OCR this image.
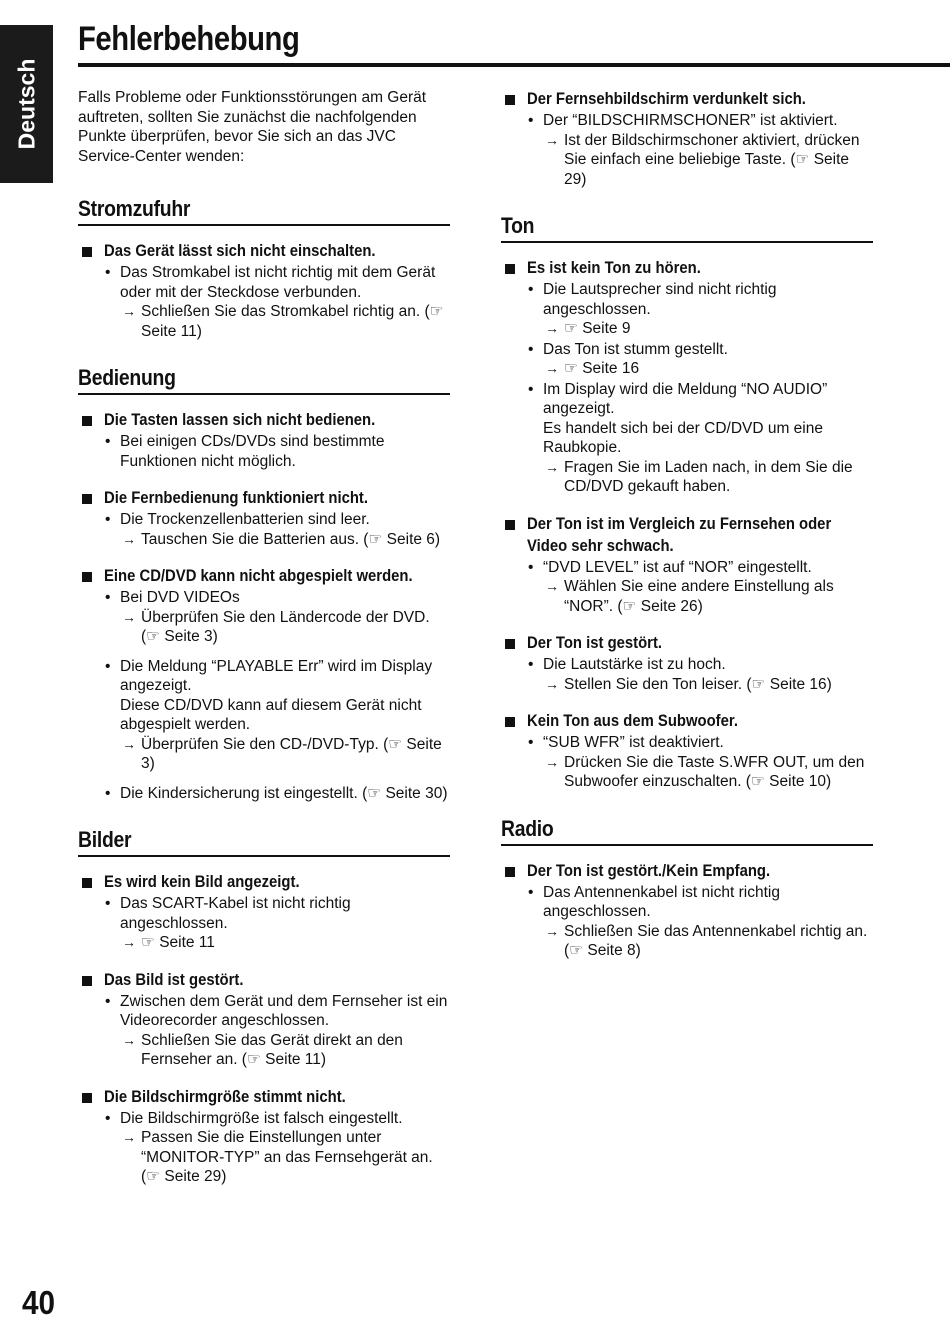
Deutsch
Fehlerbehebung

Falls Probleme oder Funktionsstörungen am Gerät auftreten, sollten Sie zunächst die nachfolgenden Punkte überprüfen, bevor Sie sich an das JVC Service-Center wenden:

Stromzufuhr

Das Gerät lässt sich nicht einschalten.

• Das Stromkabel ist nicht richtig mit dem Gerät oder mit der Steckdose verbunden.
→ Schließen Sie das Stromkabel richtig an. (☞ Seite 11)
Bedienung

Die Tasten lassen sich nicht bedienen.

• Bei einigen CDs/DVDs sind bestimmte Funktionen nicht möglich.

Die Fernbedienung funktioniert nicht.

• Die Trockenzellenbatterien sind leer.
→ Tauschen Sie die Batterien aus. (☞ Seite 6)

Eine CD/DVD kann nicht abgespielt werden.

• Bei DVD VIDEOs
→ Überprüfen Sie den Ländercode der DVD. (☞ Seite 3)
• Die Meldung “PLAYABLE Err” wird im Display angezeigt.
Diese CD/DVD kann auf diesem Gerät nicht abgespielt werden.
→ Überprüfen Sie den CD-/DVD-Typ. (☞ Seite 3)
• Die Kindersicherung ist eingestellt. (☞ Seite 30)
Bilder

Es wird kein Bild angezeigt.

• Das SCART-Kabel ist nicht richtig angeschlossen.
→ ☞ Seite 11

Das Bild ist gestört.

• Zwischen dem Gerät und dem Fernseher ist ein Videorecorder angeschlossen.
→ Schließen Sie das Gerät direkt an den Fernseher an. (☞ Seite 11)

Die Bildschirmgröße stimmt nicht.

• Die Bildschirmgröße ist falsch eingestellt.
→ Passen Sie die Einstellungen unter “MONITOR-TYP” an das Fernsehgerät an. (☞ Seite 29)

Der Fernsehbildschirm verdunkelt sich.

• Der “BILDSCHIRMSCHONER” ist aktiviert.
→ Ist der Bildschirmschoner aktiviert, drücken Sie einfach eine beliebige Taste. (☞ Seite 29)
Ton

Es ist kein Ton zu hören.

• Die Lautsprecher sind nicht richtig angeschlossen.
→ ☞ Seite 9
• Das Ton ist stumm gestellt.
→ ☞ Seite 16
• Im Display wird die Meldung “NO AUDIO” angezeigt.
Es handelt sich bei der CD/DVD um eine Raubkopie.
→ Fragen Sie im Laden nach, in dem Sie die CD/DVD gekauft haben.

Der Ton ist im Vergleich zu Fernsehen oder Video sehr schwach.

• “DVD LEVEL” ist auf “NOR” eingestellt.
→ Wählen Sie eine andere Einstellung als “NOR”. (☞ Seite 26)

Der Ton ist gestört.

• Die Lautstärke ist zu hoch.
→ Stellen Sie den Ton leiser. (☞ Seite 16)

Kein Ton aus dem Subwoofer.

• “SUB WFR” ist deaktiviert.
→ Drücken Sie die Taste S.WFR OUT, um den Subwoofer einzuschalten. (☞ Seite 10)
Radio

Der Ton ist gestört./Kein Empfang.

• Das Antennenkabel ist nicht richtig angeschlossen.
→ Schließen Sie das Antennenkabel richtig an. (☞ Seite 8)
40
